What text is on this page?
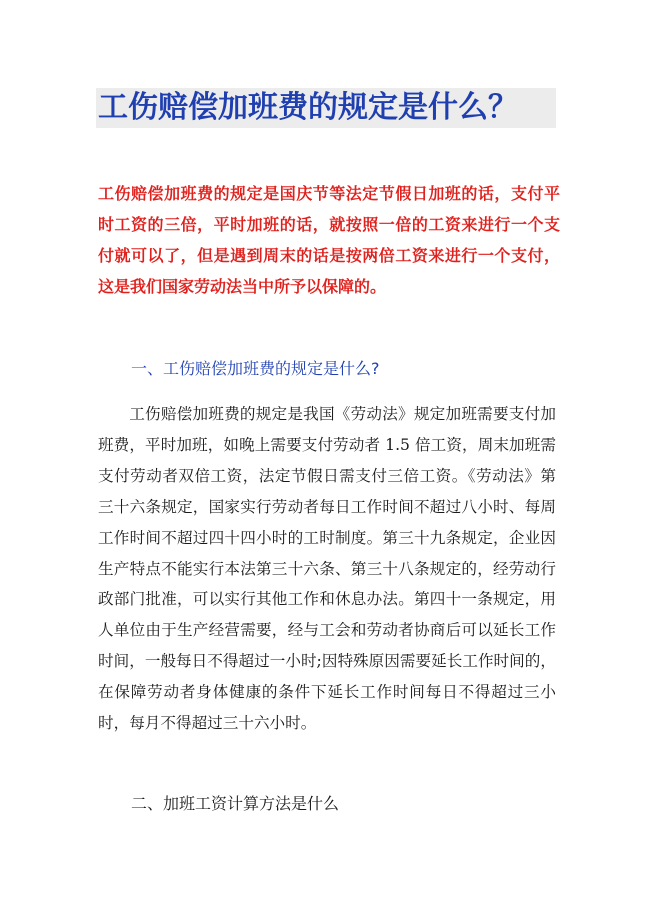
工伤赔偿加班费的规定是什么？

工伤赔偿加班费的规定是国庆节等法定节假日加班的话，支付平时工资的三倍，平时加班的话，就按照一倍的工资来进行一个支付就可以了，但是遇到周末的话是按两倍工资来进行一个支付，这是我们国家劳动法当中所予以保障的。

一、工伤赔偿加班费的规定是什么?

工伤赔偿加班费的规定是我国《劳动法》规定加班需要支付加班费，平时加班，如晚上需要支付劳动者 1.5 倍工资，周末加班需支付劳动者双倍工资，法定节假日需支付三倍工资。《劳动法》第三十六条规定，国家实行劳动者每日工作时间不超过八小时、每周工作时间不超过四十四小时的工时制度。第三十九条规定，企业因生产特点不能实行本法第三十六条、第三十八条规定的，经劳动行政部门批准，可以实行其他工作和休息办法。第四十一条规定，用人单位由于生产经营需要，经与工会和劳动者协商后可以延长工作时间，一般每日不得超过一小时;因特殊原因需要延长工作时间的，在保障劳动者身体健康的条件下延长工作时间每日不得超过三小时，每月不得超过三十六小时。

二、加班工资计算方法是什么
